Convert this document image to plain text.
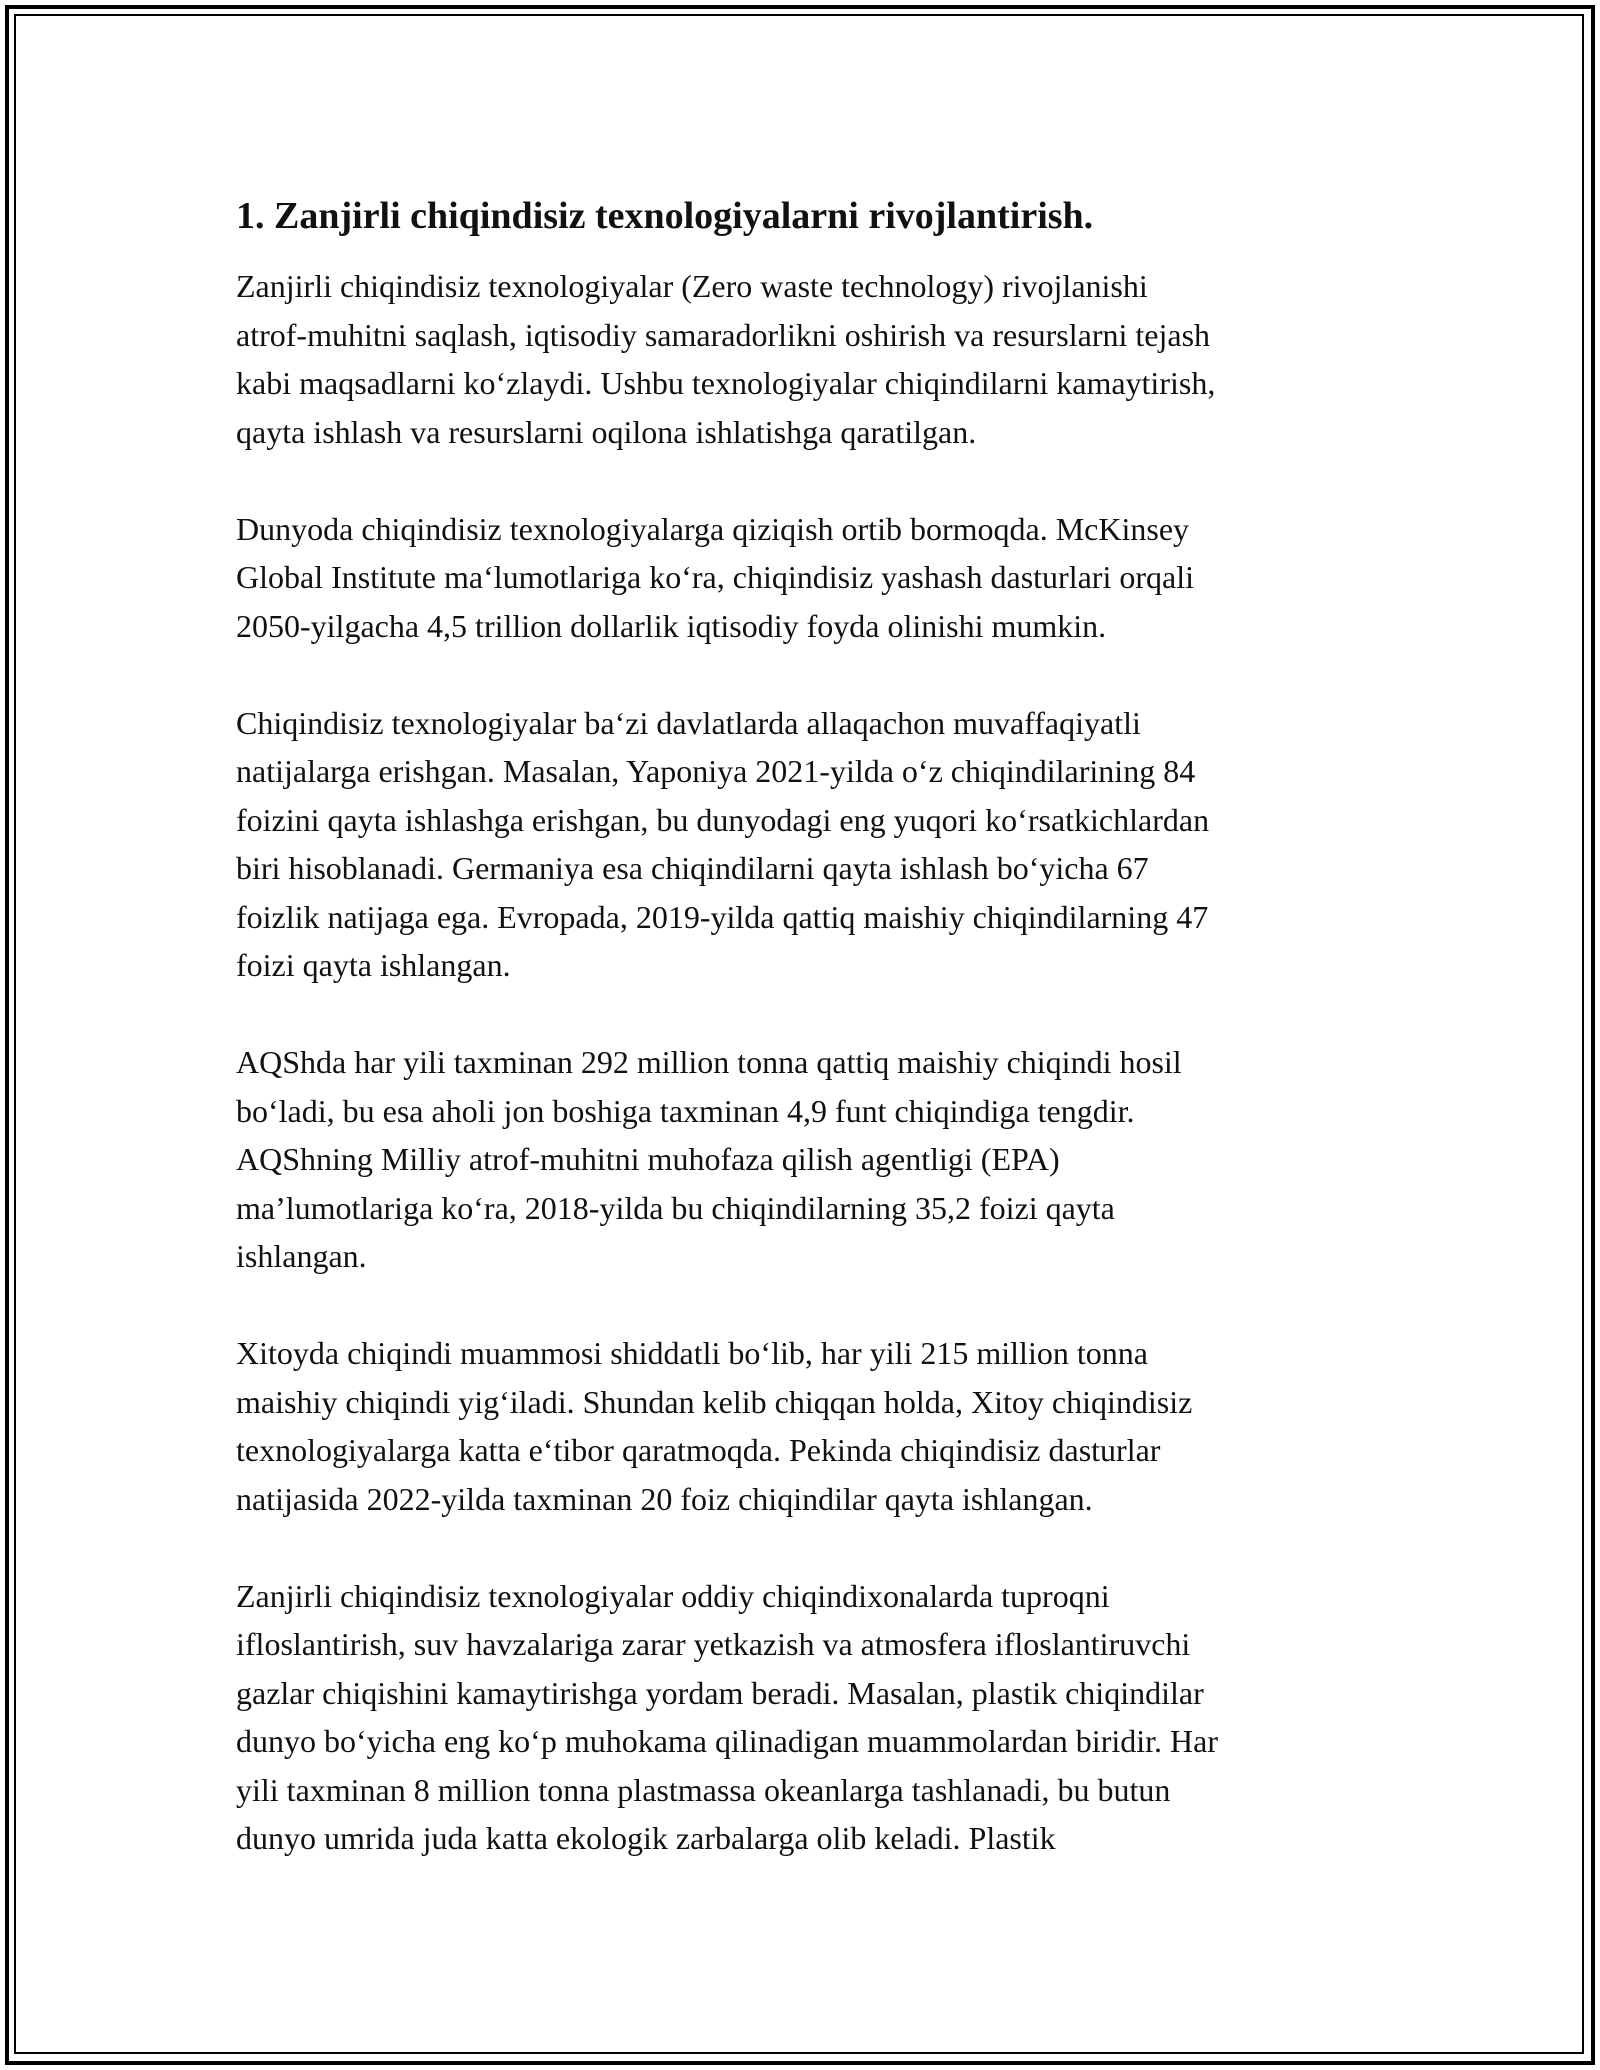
1. Zanjirli chiqindisiz texnologiyalarni rivojlantirish.

Zanjirli chiqindisiz texnologiyalar (Zero waste technology) rivojlanishi
atrof-muhitni saqlash, iqtisodiy samaradorlikni oshirish va resurslarni tejash
kabi maqsadlarni koʻzlaydi. Ushbu texnologiyalar chiqindilarni kamaytirish,
qayta ishlash va resurslarni oqilona ishlatishga qaratilgan.

Dunyoda chiqindisiz texnologiyalarga qiziqish ortib bormoqda. McKinsey
Global Institute maʻlumotlariga koʻra, chiqindisiz yashash dasturlari orqali
2050-yilgacha 4,5 trillion dollarlik iqtisodiy foyda olinishi mumkin.

Chiqindisiz texnologiyalar baʻzi davlatlarda allaqachon muvaffaqiyatli
natijalarga erishgan. Masalan, Yaponiya 2021-yilda oʻz chiqindilarining 84
foizini qayta ishlashga erishgan, bu dunyodagi eng yuqori koʻrsatkichlardan
biri hisoblanadi. Germaniya esa chiqindilarni qayta ishlash boʻyicha 67
foizlik natijaga ega. Evropada, 2019-yilda qattiq maishiy chiqindilarning 47
foizi qayta ishlangan.

AQShda har yili taxminan 292 million tonna qattiq maishiy chiqindi hosil
boʻladi, bu esa aholi jon boshiga taxminan 4,9 funt chiqindiga tengdir.
AQShning Milliy atrof-muhitni muhofaza qilish agentligi (EPA)
maʼlumotlariga koʻra, 2018-yilda bu chiqindilarning 35,2 foizi qayta
ishlangan.

Xitoyda chiqindi muammosi shiddatli boʻlib, har yili 215 million tonna
maishiy chiqindi yigʻiladi. Shundan kelib chiqqan holda, Xitoy chiqindisiz
texnologiyalarga katta eʻtibor qaratmoqda. Pekinda chiqindisiz dasturlar
natijasida 2022-yilda taxminan 20 foiz chiqindilar qayta ishlangan.

Zanjirli chiqindisiz texnologiyalar oddiy chiqindixonalarda tuproqni
ifloslantirish, suv havzalariga zarar yetkazish va atmosfera ifloslantiruvchi
gazlar chiqishini kamaytirishga yordam beradi. Masalan, plastik chiqindilar
dunyo boʻyicha eng koʻp muhokama qilinadigan muammolardan biridir. Har
yili taxminan 8 million tonna plastmassa okeanlarga tashlanadi, bu butun
dunyo umrida juda katta ekologik zarbalarga olib keladi. Plastik
